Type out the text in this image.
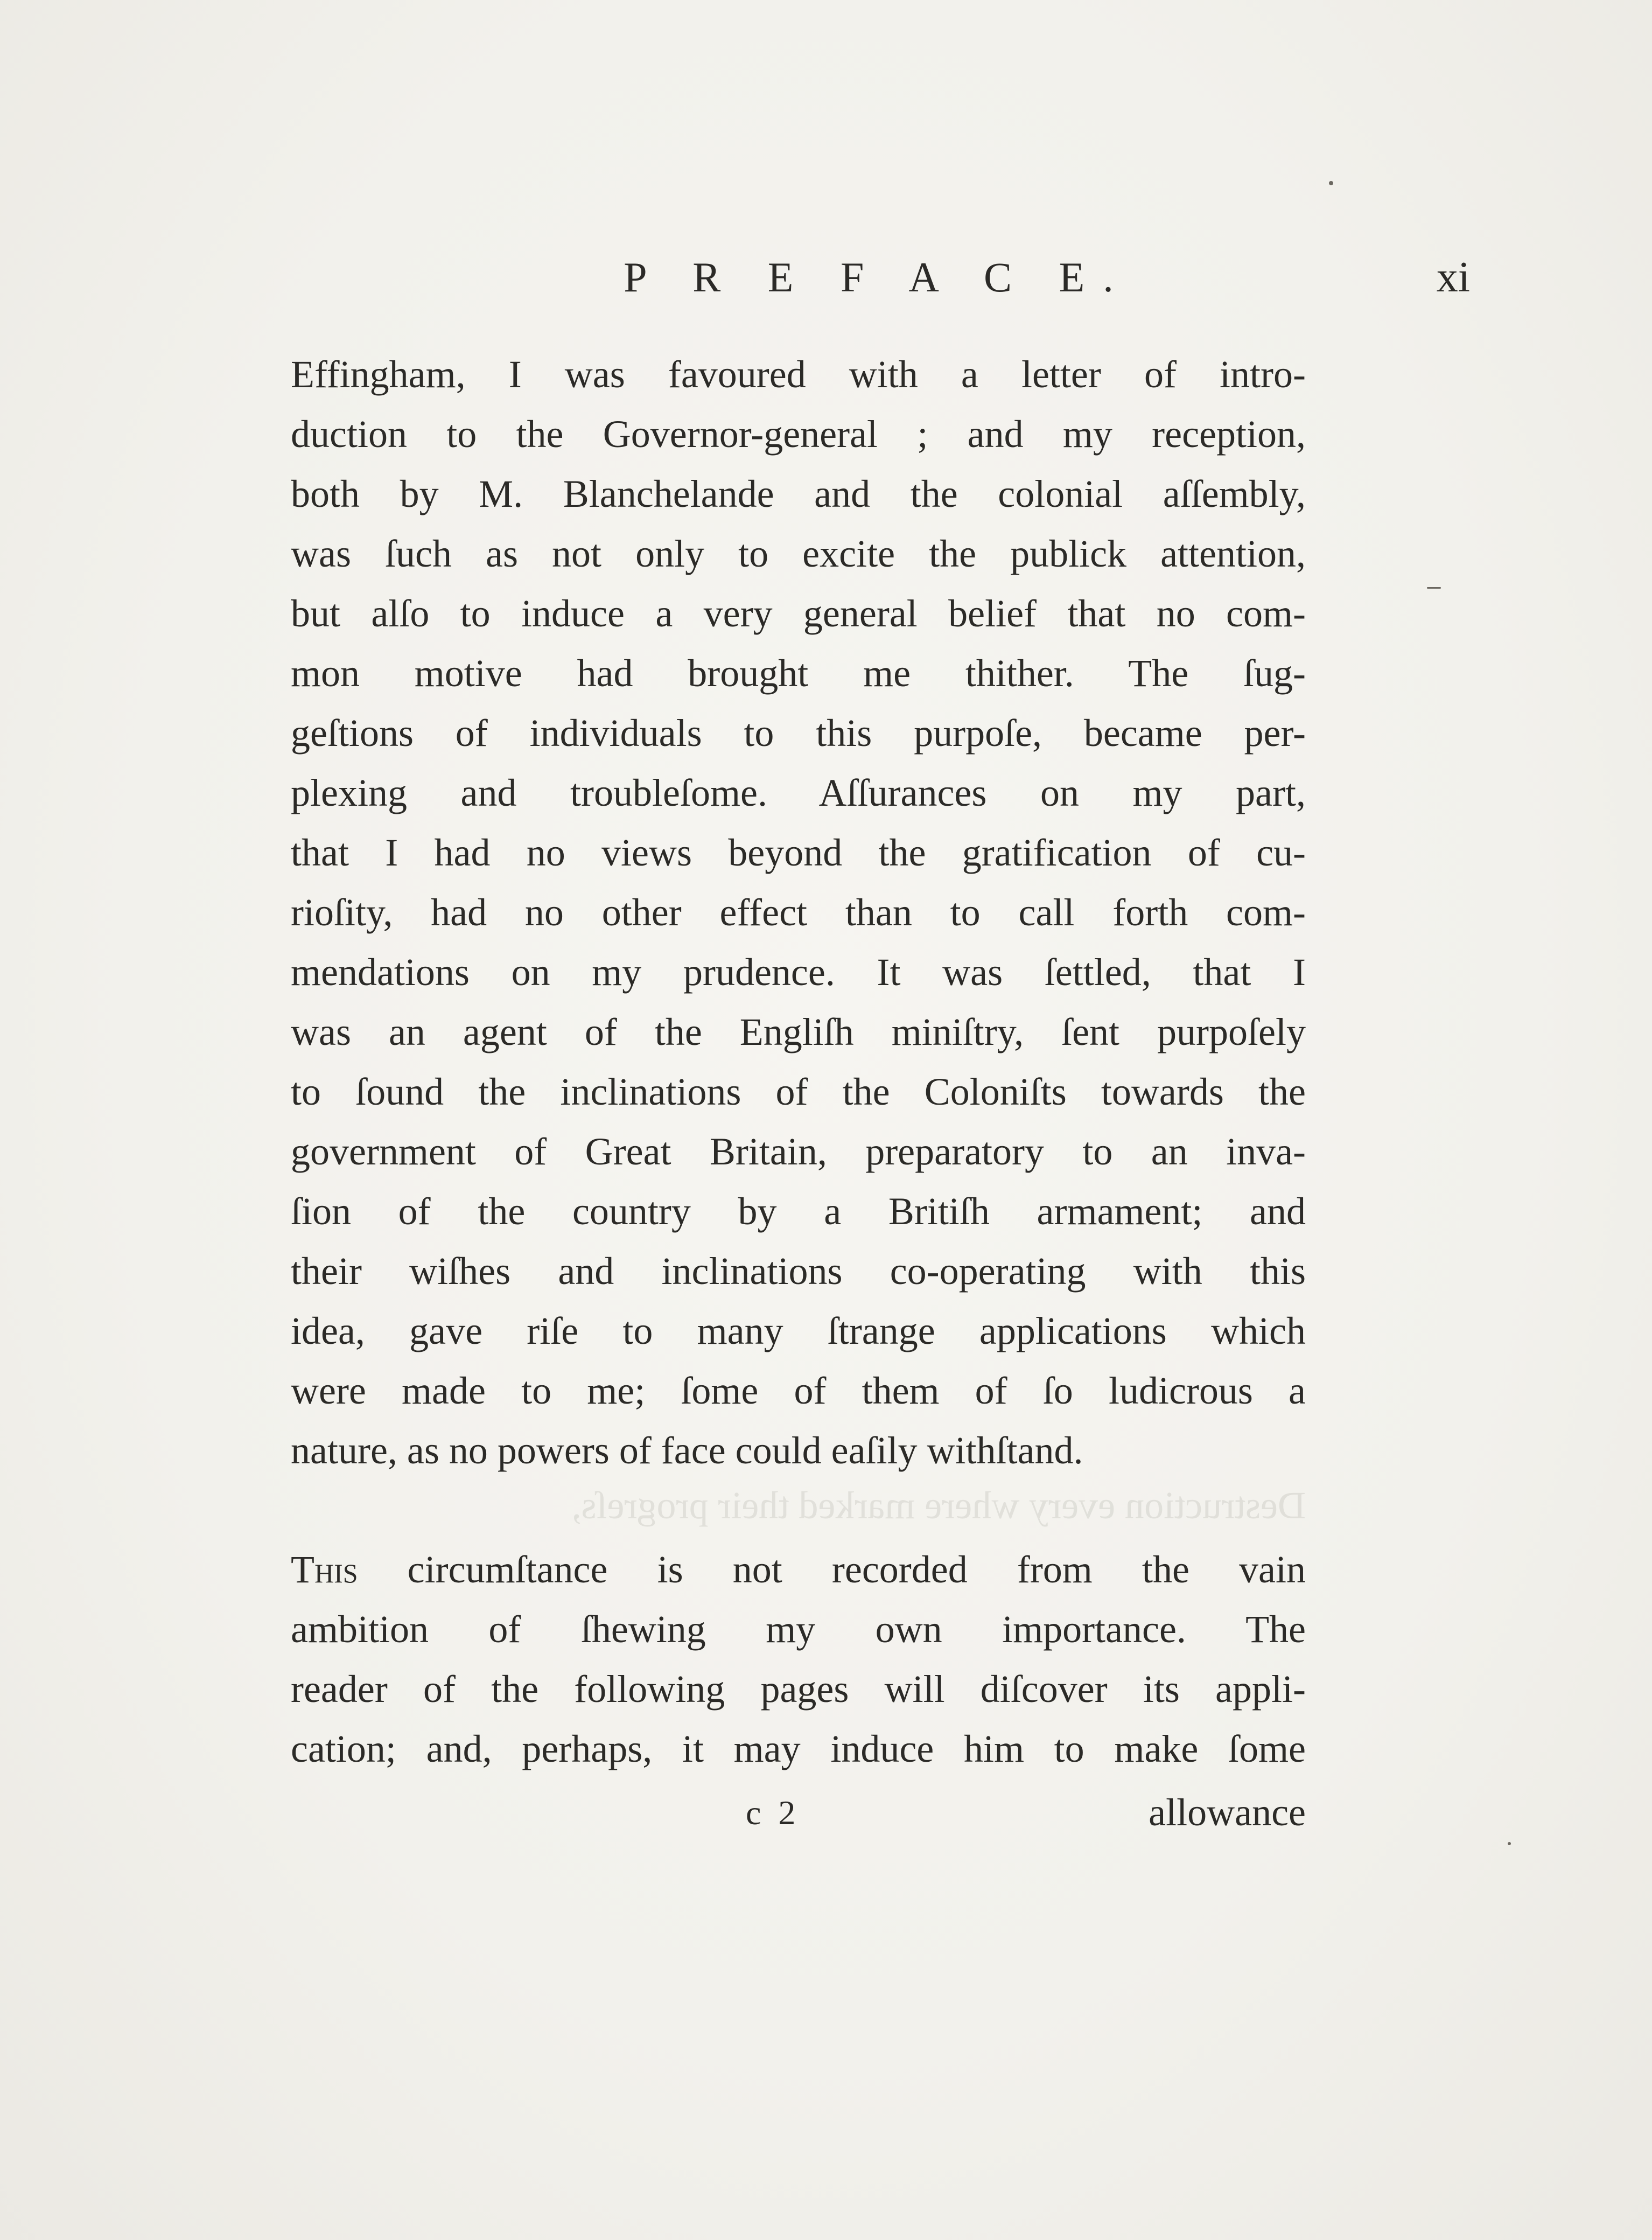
Destruction every where marked their progreſs,
P R E F A C E.	xi
Effingham, I was favoured with a letter of intro-
duction to the Governor-general ; and my reception,
both by M. Blanchelande and the colonial aſſembly,
was ſuch as not only to excite the publick attention,
but alſo to induce a very general belief that no com-
mon motive had brought me thither. The ſug-
geſtions of individuals to this purpoſe, became per-
plexing and troubleſome. Aſſurances on my part,
that I had no views beyond the gratification of cu-
rioſity, had no other effect than to call forth com-
mendations on my prudence. It was ſettled, that I
was an agent of the Engliſh miniſtry, ſent purpoſely
to ſound the inclinations of the Coloniſts towards the
government of Great Britain, preparatory to an inva-
ſion of the country by a Britiſh armament; and
their wiſhes and inclinations co-operating with this
idea, gave riſe to many ſtrange applications which
were made to me; ſome of them of ſo ludicrous a
nature, as no powers of face could eaſily withſtand.
This circumſtance is not recorded from the vain
ambition of ſhewing my own importance. The
reader of the following pages will diſcover its appli-
cation; and, perhaps, it may induce him to make ſome
c 2	allowance
